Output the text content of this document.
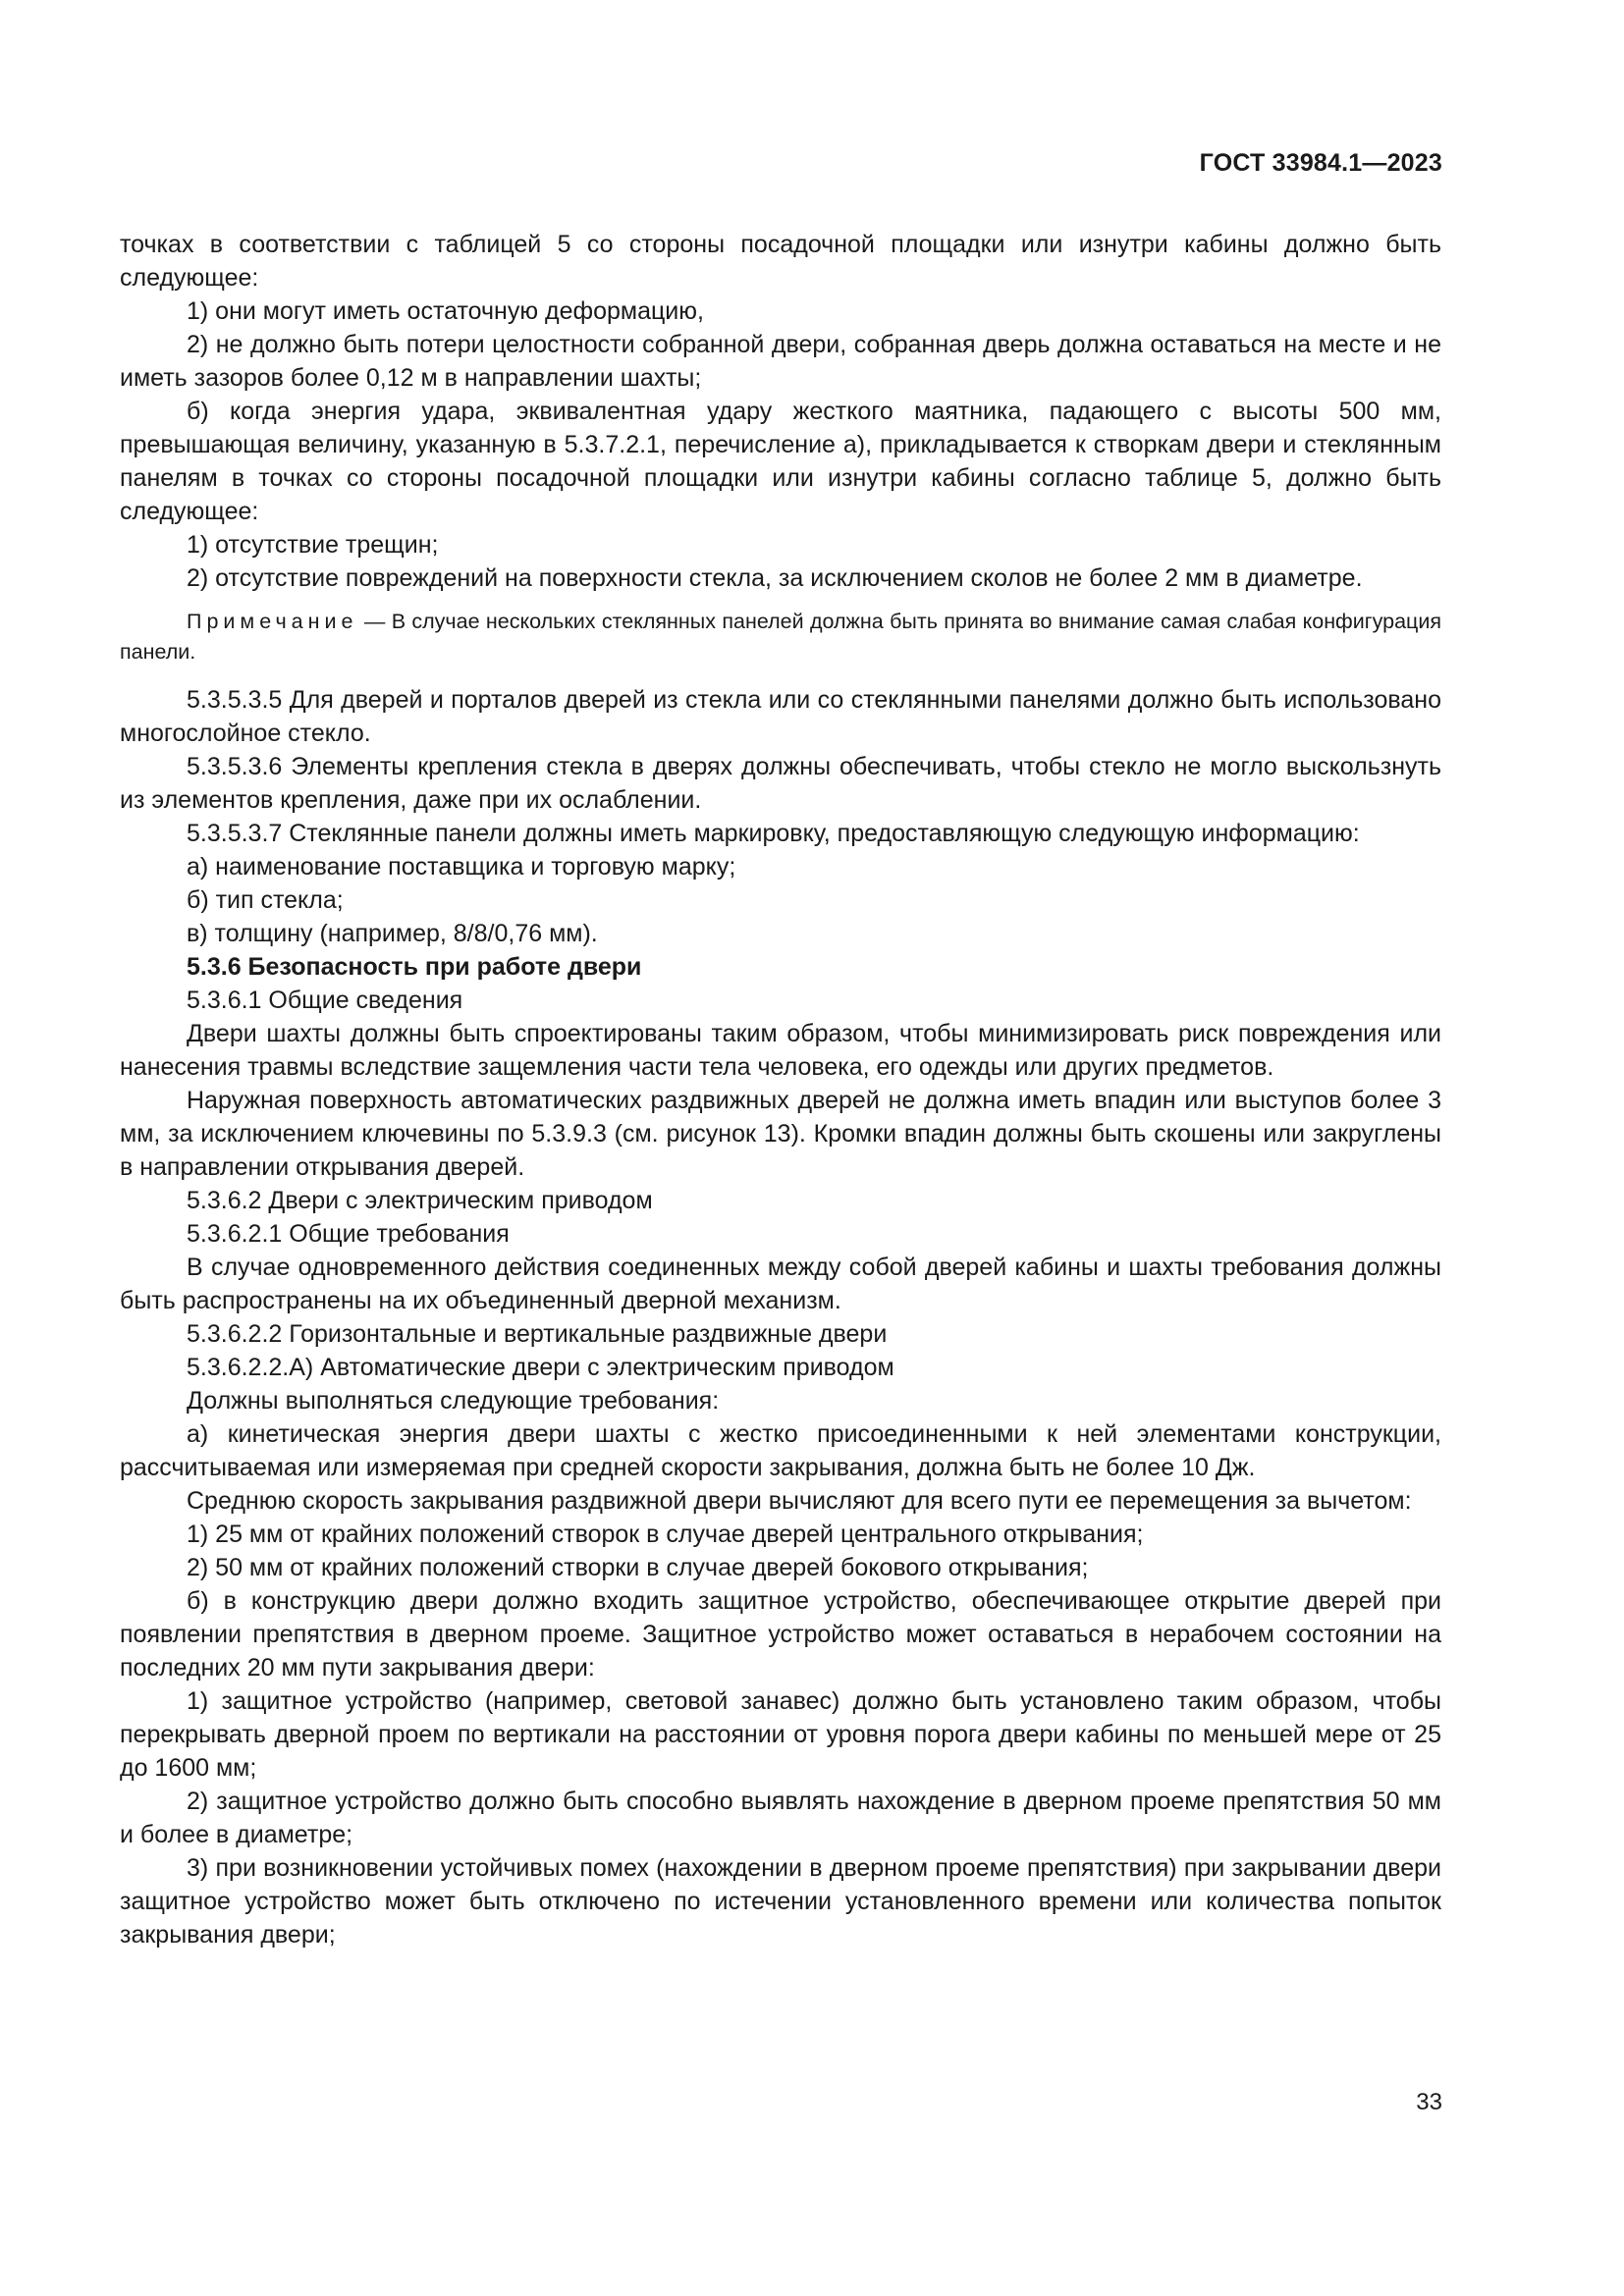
ГОСТ 33984.1—2023

точках в соответствии с таблицей 5 со стороны посадочной площадки или изнутри кабины должно быть следующее:

1) они могут иметь остаточную деформацию,

2) не должно быть потери целостности собранной двери, собранная дверь должна оставаться на месте и не иметь зазоров более 0,12 м в направлении шахты;

б) когда энергия удара, эквивалентная удару жесткого маятника, падающего с высоты 500 мм, превышающая величину, указанную в 5.3.7.2.1, перечисление а), прикладывается к створкам двери и стеклянным панелям в точках со стороны посадочной площадки или изнутри кабины согласно таблице 5, должно быть следующее:

1) отсутствие трещин;

2) отсутствие повреждений на поверхности стекла, за исключением сколов не более 2 мм в диаметре.

Примечание — В случае нескольких стеклянных панелей должна быть принята во внимание самая слабая конфигурация панели.

5.3.5.3.5 Для дверей и порталов дверей из стекла или со стеклянными панелями должно быть использовано многослойное стекло.

5.3.5.3.6 Элементы крепления стекла в дверях должны обеспечивать, чтобы стекло не могло выскользнуть из элементов крепления, даже при их ослаблении.

5.3.5.3.7 Стеклянные панели должны иметь маркировку, предоставляющую следующую информацию:

а) наименование поставщика и торговую марку;

б) тип стекла;

в) толщину (например, 8/8/0,76 мм).

5.3.6 Безопасность при работе двери

5.3.6.1 Общие сведения

Двери шахты должны быть спроектированы таким образом, чтобы минимизировать риск повреждения или нанесения травмы вследствие защемления части тела человека, его одежды или других предметов.

Наружная поверхность автоматических раздвижных дверей не должна иметь впадин или выступов более 3 мм, за исключением ключевины по 5.3.9.3 (см. рисунок 13). Кромки впадин должны быть скошены или закруглены в направлении открывания дверей.

5.3.6.2 Двери с электрическим приводом

5.3.6.2.1 Общие требования

В случае одновременного действия соединенных между собой дверей кабины и шахты требования должны быть распространены на их объединенный дверной механизм.

5.3.6.2.2 Горизонтальные и вертикальные раздвижные двери

5.3.6.2.2.А) Автоматические двери с электрическим приводом

Должны выполняться следующие требования:

а) кинетическая энергия двери шахты с жестко присоединенными к ней элементами конструкции, рассчитываемая или измеряемая при средней скорости закрывания, должна быть не более 10 Дж.

Среднюю скорость закрывания раздвижной двери вычисляют для всего пути ее перемещения за вычетом:

1) 25 мм от крайних положений створок в случае дверей центрального открывания;

2) 50 мм от крайних положений створки в случае дверей бокового открывания;

б) в конструкцию двери должно входить защитное устройство, обеспечивающее открытие дверей при появлении препятствия в дверном проеме. Защитное устройство может оставаться в нерабочем состоянии на последних 20 мм пути закрывания двери:

1) защитное устройство (например, световой занавес) должно быть установлено таким образом, чтобы перекрывать дверной проем по вертикали на расстоянии от уровня порога двери кабины по меньшей мере от 25 до 1600 мм;

2) защитное устройство должно быть способно выявлять нахождение в дверном проеме препятствия 50 мм и более в диаметре;

3) при возникновении устойчивых помех (нахождении в дверном проеме препятствия) при закрывании двери защитное устройство может быть отключено по истечении установленного времени или количества попыток закрывания двери;

33
